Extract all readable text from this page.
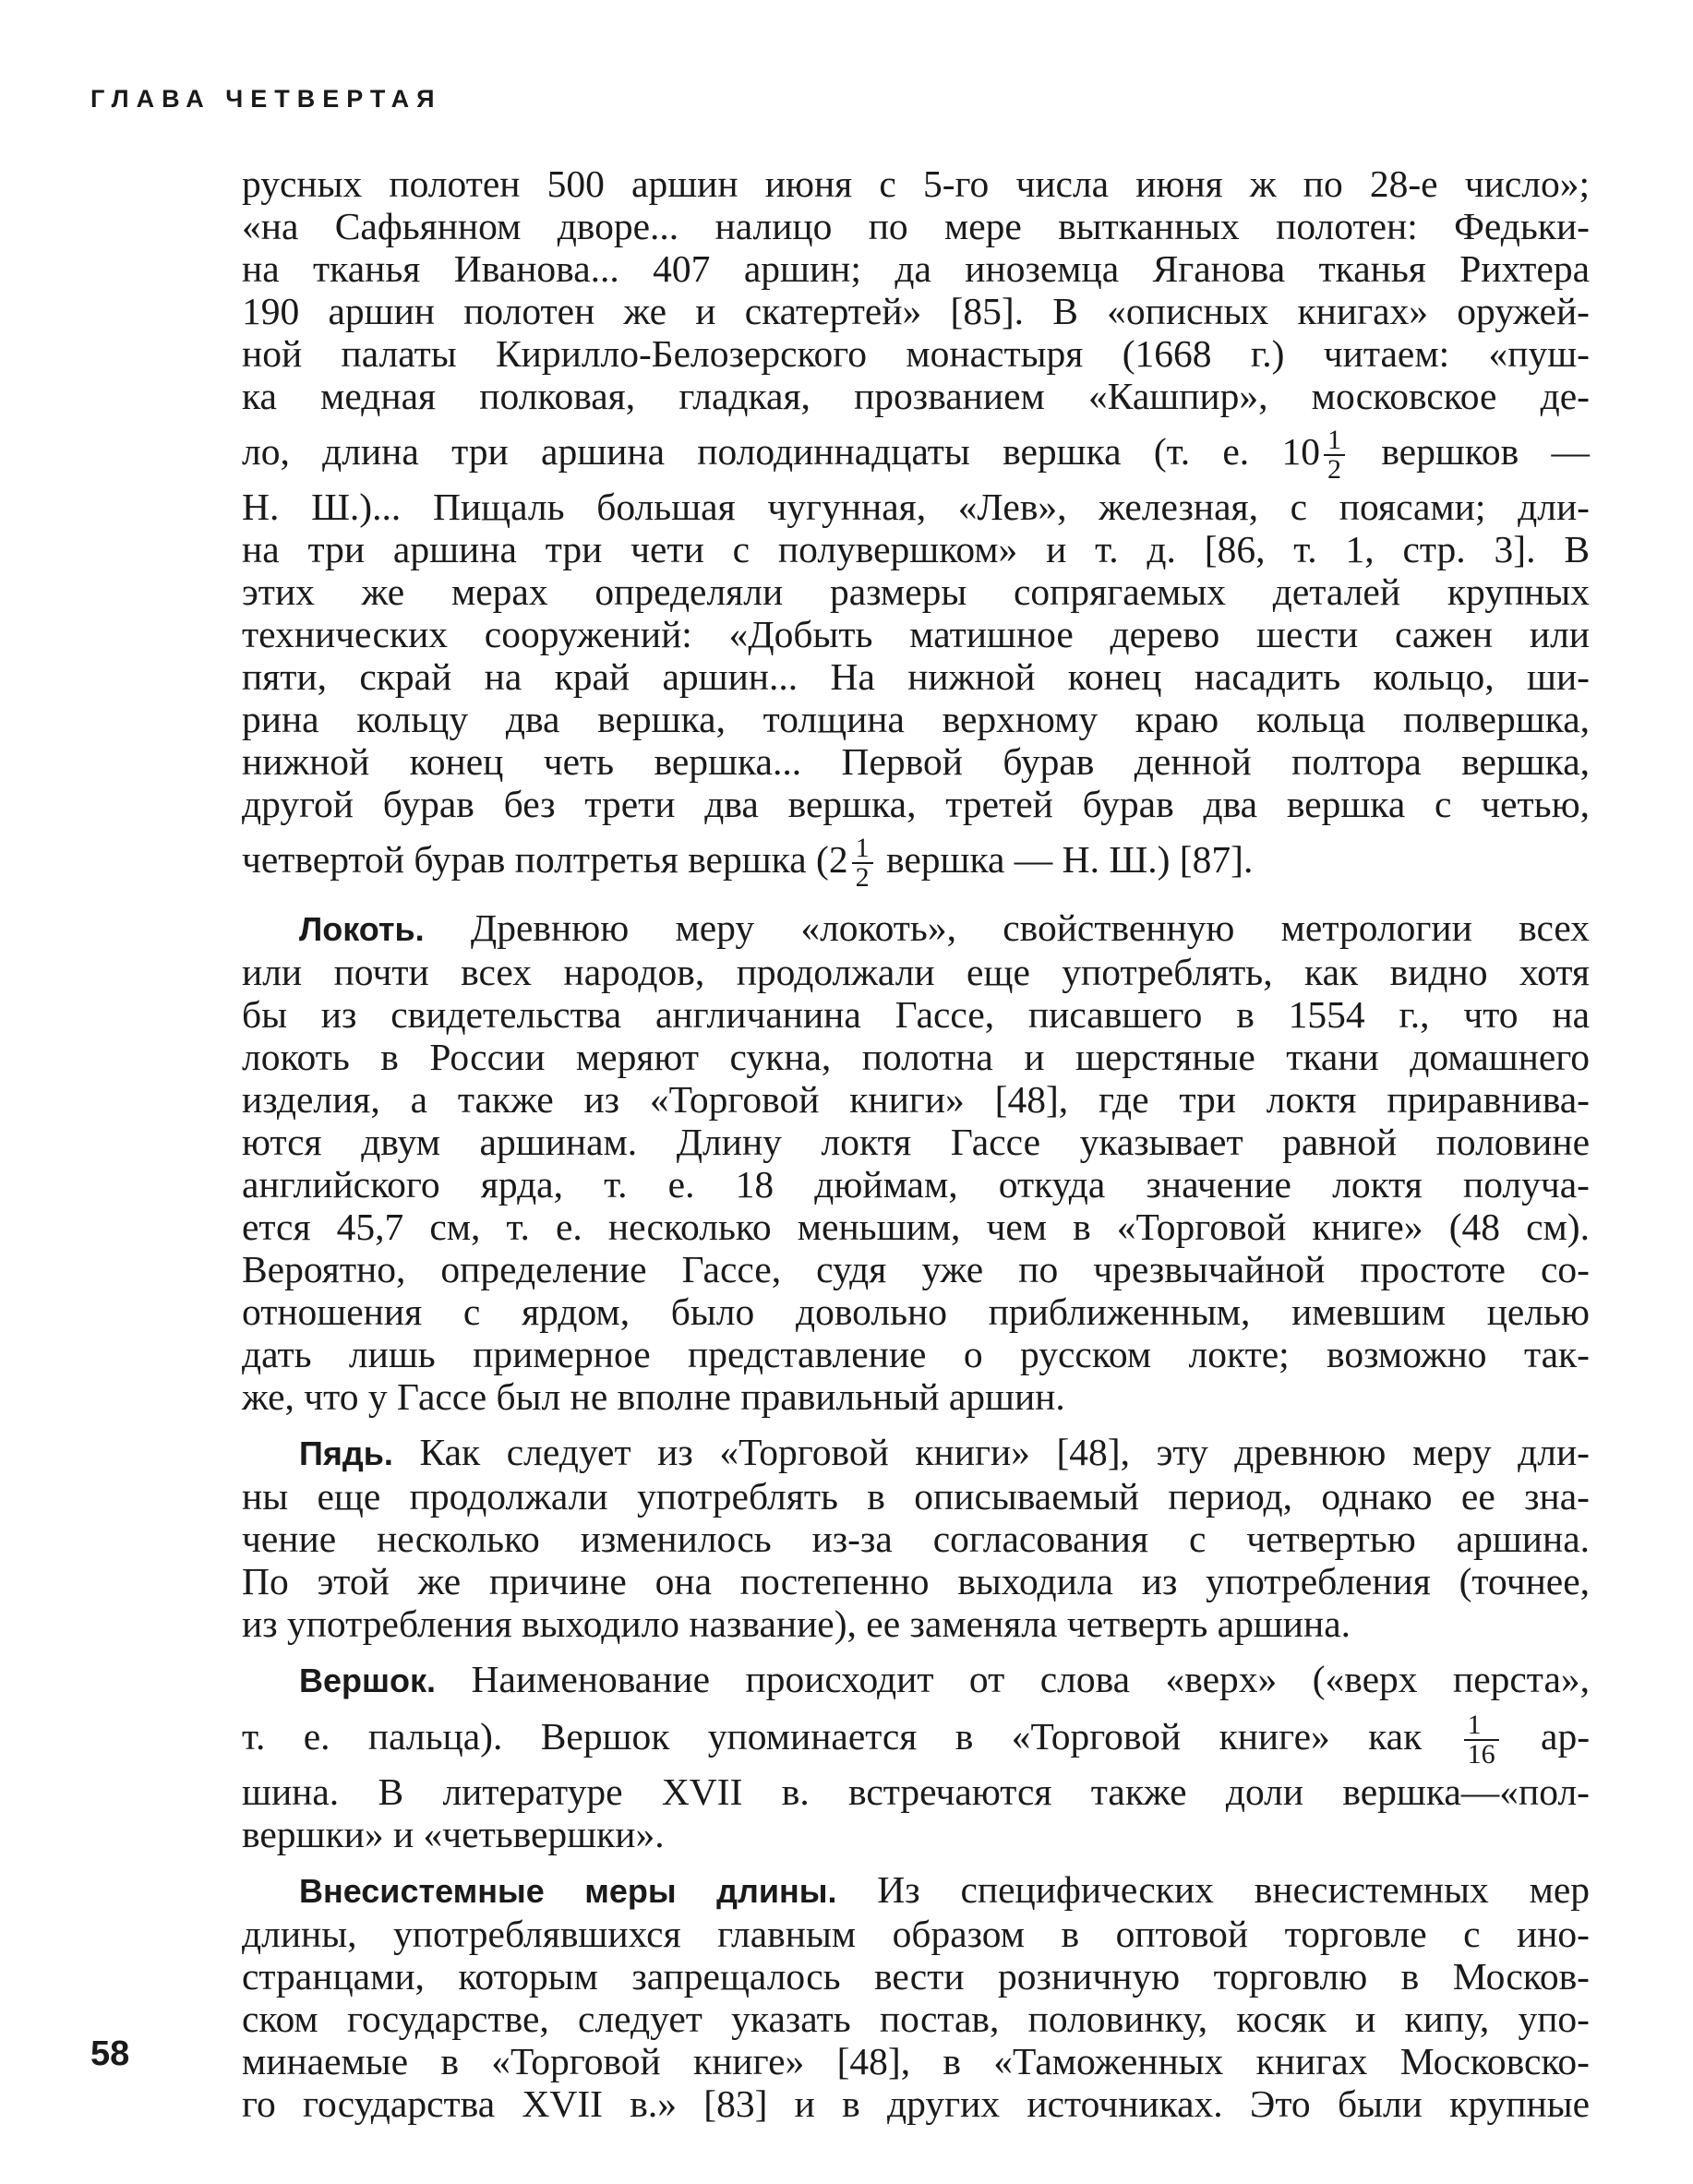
ГЛАВА ЧЕТВЕРТАЯ
русных полотен 500 аршин июня с 5-го числа июня ж по 28-е число»;
«на Сафьянном дворе... налицо по мере вытканных полотен: Федьки-
на тканья Иванова... 407 аршин; да иноземца Яганова тканья Рихтера
190 аршин полотен же и скатертей» [85]. В «описных книгах» оружей-
ной палаты Кирилло-Белозерского монастыря (1668 г.) читаем: «пуш-
ка медная полковая, гладкая, прозванием «Кашпир», московское де-
ло, длина три аршина полодиннадцаты вершка (т. е. $10 \frac{1}{2}$ вершков —
Н. Ш.)... Пищаль большая чугунная, «Лев», железная, с поясами; дли-
на три аршина три чети с полувершком» и т. д. [86, т. 1, стр. 3]. В
этих же мерах определяли размеры сопрягаемых деталей крупных
технических сооружений: «Добыть матишное дерево шести сажен или
пяти, скрай на край аршин... На нижной конец насадить кольцо, ши-
рина кольцу два вершка, толщина верхному краю кольца полвершка,
нижной конец четь вершка... Первой бурав денной полтора вершка,
другой бурав без трети два вершка, третей бурав два вершка с четью,
четвертой бурав полтретья вершка ($2 \frac{1}{2}$ вершка — Н. Ш.) [87].
Локоть. Древнюю меру «локоть», свойственную метрологии всех
или почти всех народов, продолжали еще употреблять, как видно хотя
бы из свидетельства англичанина Гассе, писавшего в 1554 г., что на
локоть в России меряют сукна, полотна и шерстяные ткани домашнего
изделия, а также из «Торговой книги» [48], где три локтя приравнива-
ются двум аршинам. Длину локтя Гассе указывает равной половине
английского ярда, т. е. 18 дюймам, откуда значение локтя получа-
ется 45,7 см, т. е. несколько меньшим, чем в «Торговой книге» (48 см).
Вероятно, определение Гассе, судя уже по чрезвычайной простоте со-
отношения с ярдом, было довольно приближенным, имевшим целью
дать лишь примерное представление о русском локте; возможно так-
же, что у Гассе был не вполне правильный аршин.
Пядь. Как следует из «Торговой книги» [48], эту древнюю меру дли-
ны еще продолжали употреблять в описываемый период, однако ее зна-
чение несколько изменилось из-за согласования с четвертью аршина.
По этой же причине она постепенно выходила из употребления (точнее,
из употребления выходило название), ее заменяла четверть аршина.
Вершок. Наименование происходит от слова «верх» («верх перста»,
т. е. пальца). Вершок упоминается в «Торговой книге» как $\frac{1}{16} ар-$
шина. В литературе XVII в. встречаются также доли вершка—«пол-
вершки» и «четьвершки».
Внесистемные меры длины. Из специфических внесистемных мер
длины, употреблявшихся главным образом в оптовой торговле с ино-
странцами, которым запрещалось вести розничную торговлю в Москов-
ском государстве, следует указать постав, половинку, косяк и кипу, упо-
минаемые в «Торговой книге» [48], в «Таможенных книгах Московско-
го государства XVII в.» [83] и в других источниках. Это были крупные
58
